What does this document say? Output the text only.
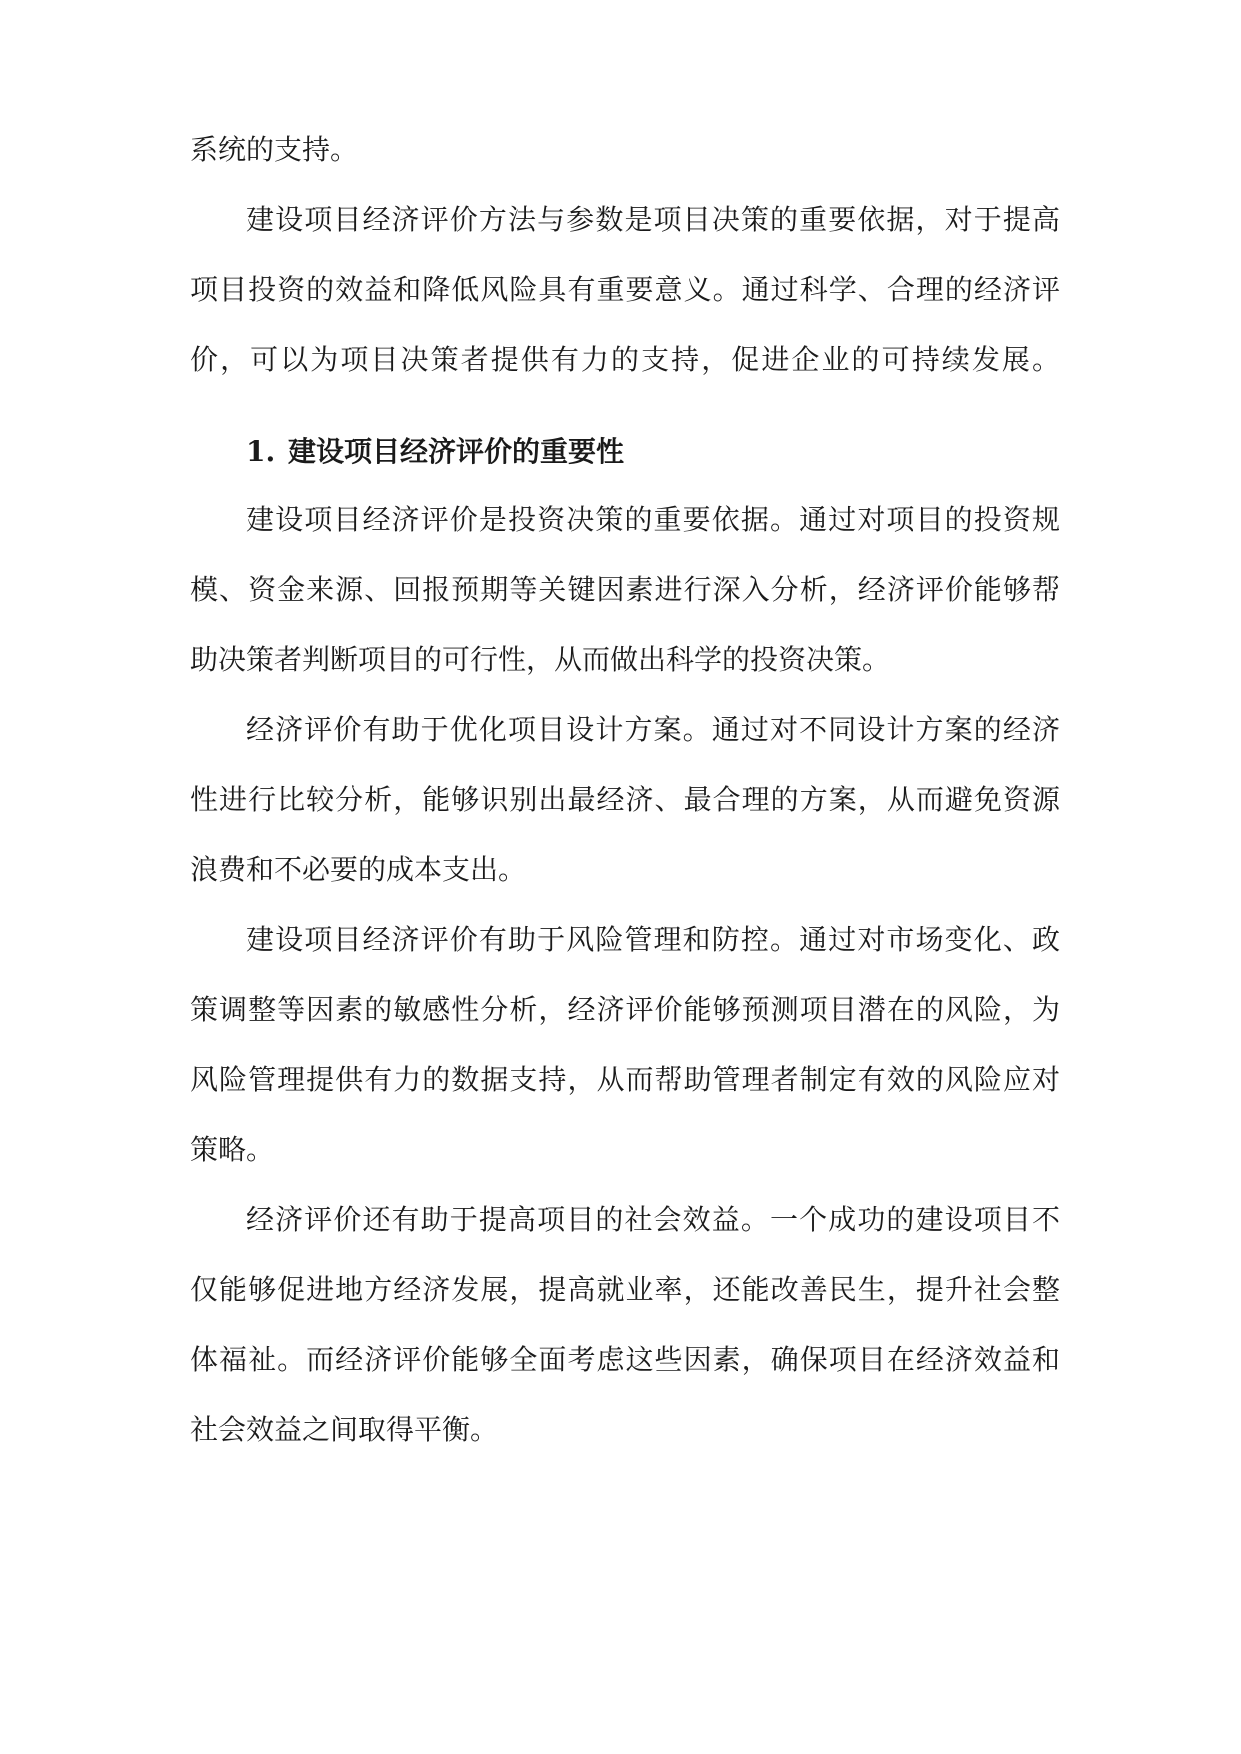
系统的支持。
建设项目经济评价方法与参数是项目决策的重要依据，对于提高
项目投资的效益和降低风险具有重要意义。通过科学、合理的经济评
价，可以为项目决策者提供有力的支持，促进企业的可持续发展。
1. 建设项目经济评价的重要性
建设项目经济评价是投资决策的重要依据。通过对项目的投资规
模、资金来源、回报预期等关键因素进行深入分析，经济评价能够帮
助决策者判断项目的可行性，从而做出科学的投资决策。
经济评价有助于优化项目设计方案。通过对不同设计方案的经济
性进行比较分析，能够识别出最经济、最合理的方案，从而避免资源
浪费和不必要的成本支出。
建设项目经济评价有助于风险管理和防控。通过对市场变化、政
策调整等因素的敏感性分析，经济评价能够预测项目潜在的风险，为
风险管理提供有力的数据支持，从而帮助管理者制定有效的风险应对
策略。
经济评价还有助于提高项目的社会效益。一个成功的建设项目不
仅能够促进地方经济发展，提高就业率，还能改善民生，提升社会整
体福祉。而经济评价能够全面考虑这些因素，确保项目在经济效益和
社会效益之间取得平衡。
